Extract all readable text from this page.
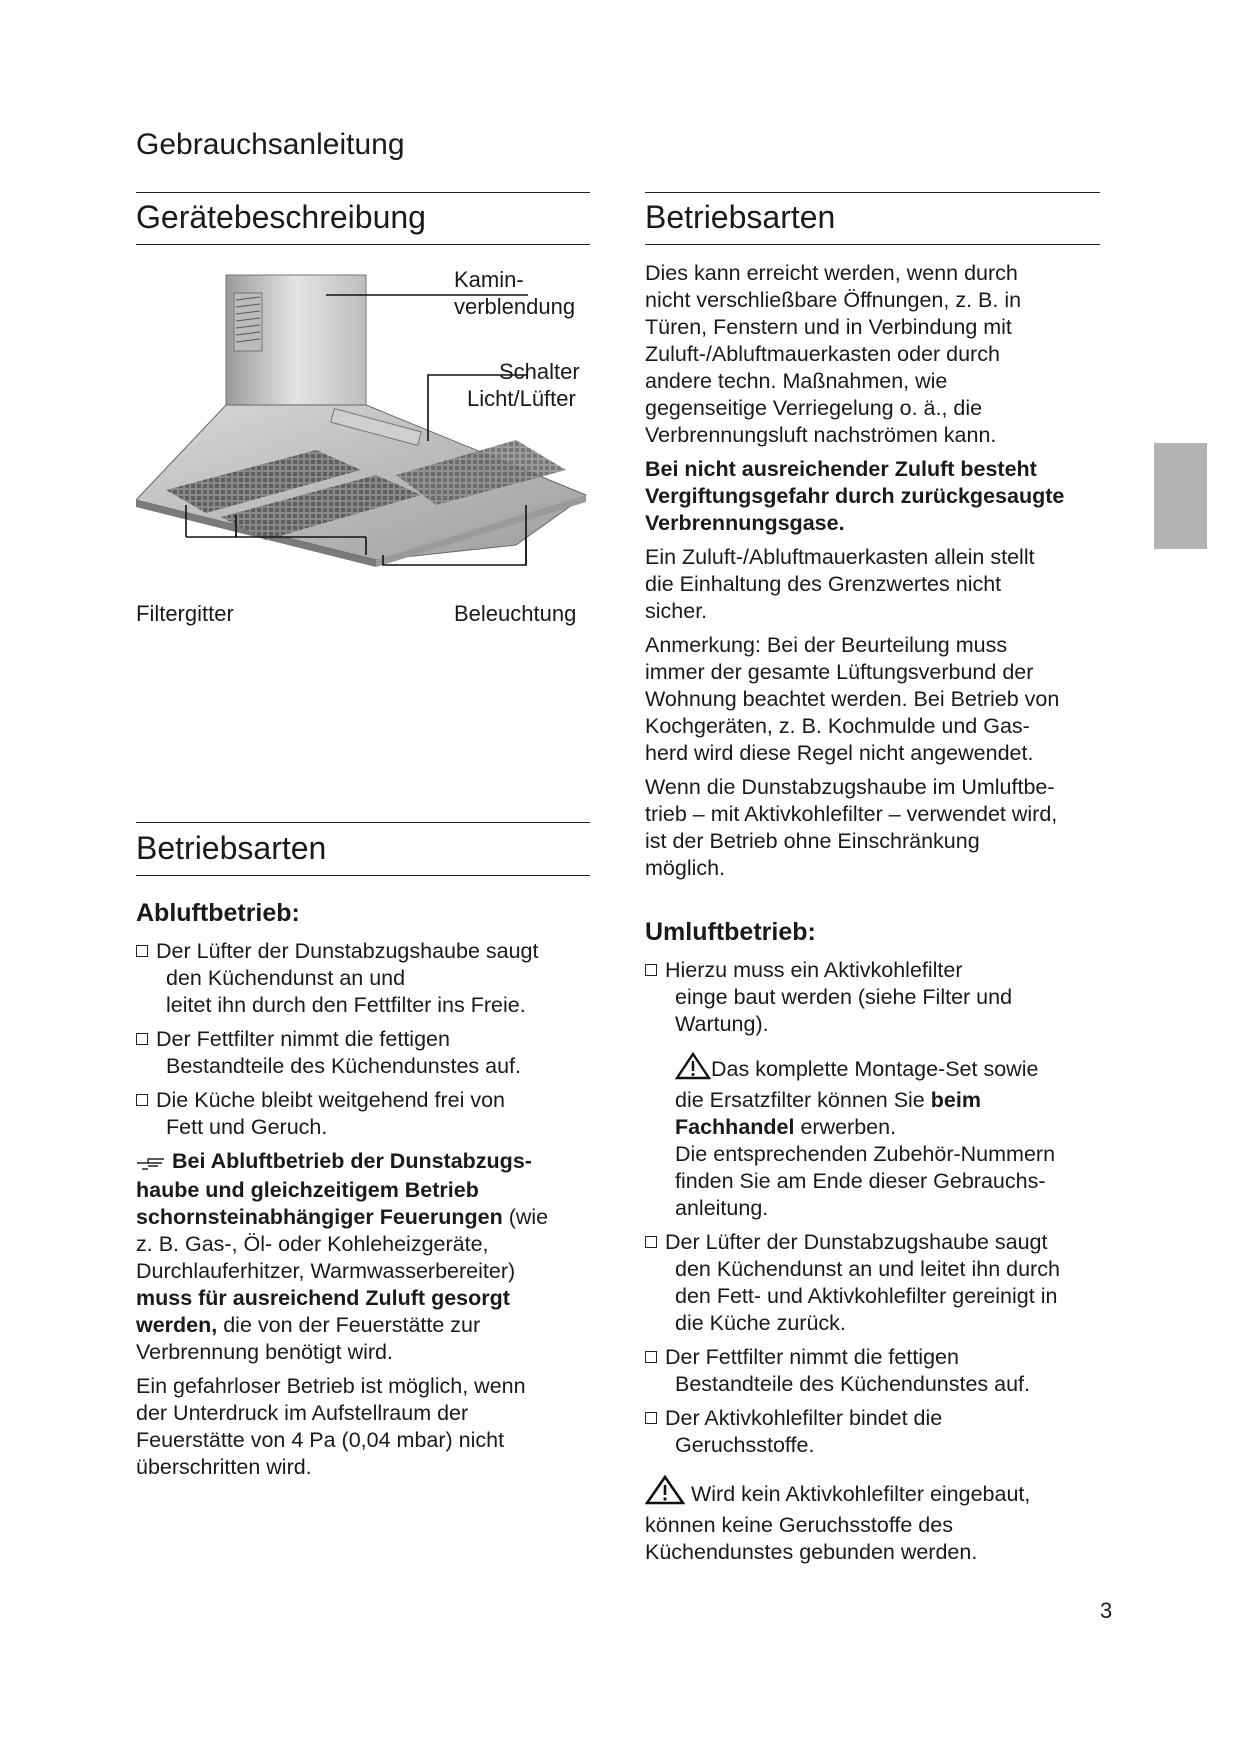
Gebrauchsanleitung
Gerätebeschreibung
Kamin-
verblendung
Schalter
Licht/Lüfter
Filtergitter	Beleuchtung
Betriebsarten
Abluftbetrieb:
Der Lüfter der Dunstabzugshaube saugt
den Küchendunst an und
leitet ihn durch den Fettfilter ins Freie.
Der Fettfilter nimmt die fettigen
Bestandteile des Küchendunstes auf.
Die Küche bleibt weitgehend frei von
Fett und Geruch.
Bei Abluftbetrieb der Dunstabzugs-
haube und gleichzeitigem Betrieb
schornsteinabhängiger Feuerungen (wie
z. B. Gas-, Öl- oder Kohleheizgeräte,
Durchlauferhitzer, Warmwasserbereiter)
muss für ausreichend Zuluft gesorgt
werden, die von der Feuerstätte zur
Verbrennung benötigt wird.
Ein gefahrloser Betrieb ist möglich, wenn
der Unterdruck im Aufstellraum der
Feuerstätte von 4 Pa (0,04 mbar) nicht
überschritten wird.
Betriebsarten
Dies kann erreicht werden, wenn durch
nicht verschließbare Öffnungen, z. B. in
Türen, Fenstern und in Verbindung mit
Zuluft-/Abluftmauerkasten oder durch
andere techn. Maßnahmen, wie
gegenseitige Verriegelung o. ä., die
Verbrennungsluft nachströmen kann.
Bei nicht ausreichender Zuluft besteht
Vergiftungsgefahr durch zurückgesaugte
Verbrennungsgase.
Ein Zuluft-/Abluftmauerkasten allein stellt
die Einhaltung des Grenzwertes nicht
sicher.
Anmerkung: Bei der Beurteilung muss
immer der gesamte Lüftungsverbund der
Wohnung beachtet werden. Bei Betrieb von
Kochgeräten, z. B. Kochmulde und Gas-
herd wird diese Regel nicht angewendet.
Wenn die Dunstabzugshaube im Umluftbe-
trieb – mit Aktivkohlefilter – verwendet wird,
ist der Betrieb ohne Einschränkung
möglich.
Umluftbetrieb:
Hierzu muss ein Aktivkohlefilter
einge baut werden (siehe Filter und
Wartung).
Das komplette Montage-Set sowie
die Ersatzfilter können Sie beim
Fachhandel erwerben.
Die entsprechenden Zubehör-Nummern
finden Sie am Ende dieser Gebrauchs-
anleitung.
Der Lüfter der Dunstabzugshaube saugt
den Küchendunst an und leitet ihn durch
den Fett- und Aktivkohlefilter gereinigt in
die Küche zurück.
Der Fettfilter nimmt die fettigen
Bestandteile des Küchendunstes auf.
Der Aktivkohlefilter bindet die
Geruchsstoffe.
Wird kein Aktivkohlefilter eingebaut,
können keine Geruchsstoffe des
Küchendunstes gebunden werden.
3
